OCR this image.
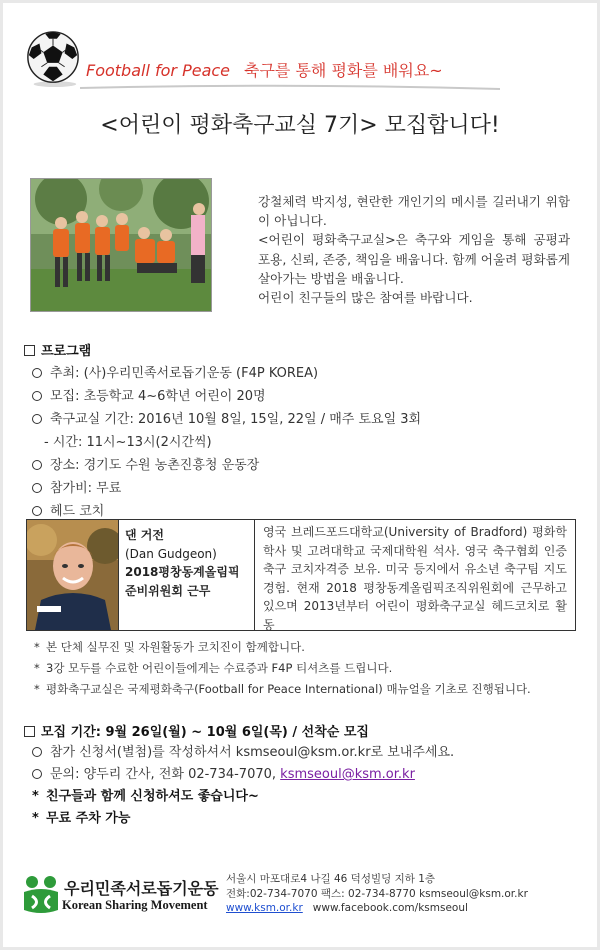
Football for Peace 축구를 통해 평화를 배워요~
<어린이 평화축구교실 7기> 모집합니다!

강철체력 박지성, 현란한 개인기의 메시를 길러내기 위함이 아닙니다.

<어린이 평화축구교실>은 축구와 게임을 통해 공평과 포용, 신뢰, 존중, 책임을 배웁니다. 함께 어울려 평화롭게 살아가는 방법을 배웁니다.

어린이 친구들의 많은 참여를 바랍니다.

프로그램
추최: (사)우리민족서로돕기운동 (F4P KOREA)
모집: 초등학교 4~6학년 어린이 20명
축구교실 기간: 2016년 10월 8일, 15일, 22일 / 매주 토요일 3회
- 시간: 11시~13시(2시간씩)
장소: 경기도 수원 농촌진흥청 운동장
참가비: 무료
헤드 코치
댄 거전
(Dan Gudgeon)
2018평창동계올림픽 준비위원회 근무
영국 브레드포드대학교(University of Bradford) 평화학 학사 및 고려대학교 국제대학원 석사. 영국 축구협회 인증 축구 코치자격증 보유. 미국 등지에서 유소년 축구팀 지도 경험. 현재 2018 평창동계올림픽조직위원회에 근무하고 있으며 2013년부터 어린이 평화축구교실 헤드코치로 활동
* 본 단체 실무진 및 자원활동가 코치진이 함께합니다.
* 3강 모두를 수료한 어린이들에게는 수료증과 F4P 티셔츠를 드립니다.
* 평화축구교실은 국제평화축구(Football for Peace International) 매뉴얼을 기초로 진행됩니다.
모집 기간: 9월 26일(월) ~ 10월 6일(목) / 선착순 모집
참가 신청서(별첨)를 작성하셔서 ksmseoul@ksm.or.kr로 보내주세요.
문의: 양두리 간사, 전화 02-734-7070, ksmseoul@ksm.or.kr
* 친구들과 함께 신청하셔도 좋습니다~
* 무료 주차 가능
우리민족서로돕기운동
Korean Sharing Movement
서울시 마포대로4 나길 46 덕성빌딩 지하 1층
전화:02-734-7070 팩스: 02-734-8770 ksmseoul@ksm.or.kr
www.ksm.or.kr www.facebook.com/ksmseoul
